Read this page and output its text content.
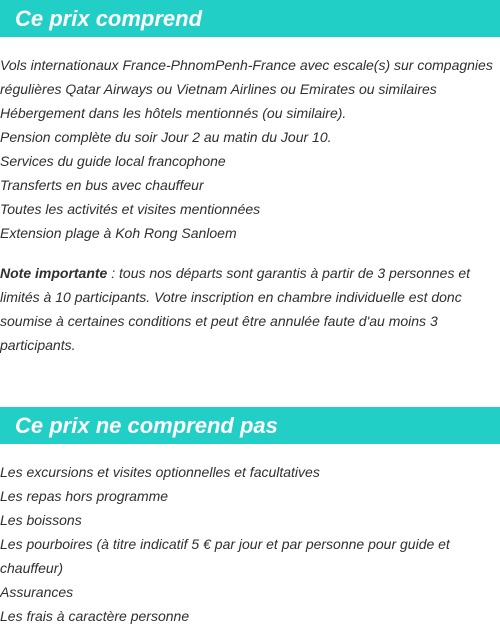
Ce prix comprend
Vols internationaux France-PhnomPenh-France avec escale(s) sur compagnies régulières Qatar Airways ou Vietnam Airlines ou Emirates ou similaires
Hébergement dans les hôtels mentionnés (ou similaire).
Pension complète du soir Jour 2 au matin du Jour 10.
Services du guide local francophone
Transferts en bus avec chauffeur
Toutes les activités et visites mentionnées
Extension plage à Koh Rong Sanloem

Note importante : tous nos départs sont garantis à partir de 3 personnes et limités à 10 participants. Votre inscription en chambre individuelle est donc soumise à certaines conditions et peut être annulée faute d'au moins 3 participants.

Ce prix ne comprend pas
Les excursions et visites optionnelles et facultatives
Les repas hors programme
Les boissons
Les pourboires (à titre indicatif 5 € par jour et par personne pour guide et chauffeur)
Assurances
Les frais à caractère personne
